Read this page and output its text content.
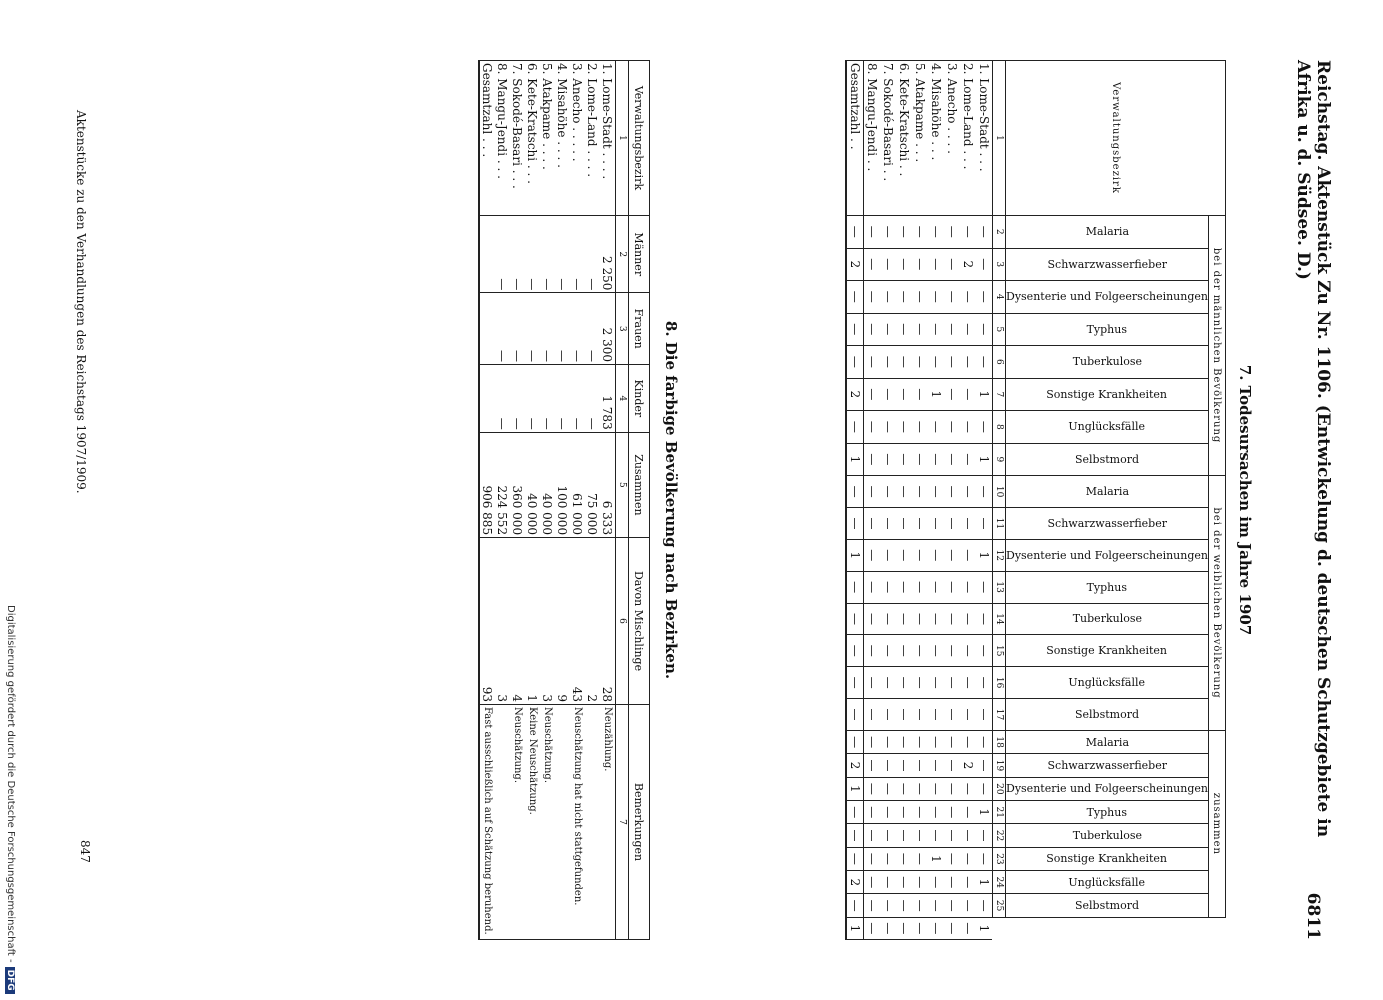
Reichstag. Aktenstück Zu Nr. 1106. (Entwickelung d. deutschen Schutzgebiete in Afrika u. d. Südsee. D.)
6811
7. Todesursachen im Jahre 1907
Verwaltungsbezirk	bei der männlichen Bevölkerung								bei der weiblichen Bevölkerung								zusammen								

	Malaria	Schwarzwasserfieber	Dysenterie und Folgeerscheinungen	Typhus	Tuberkulose	Sonstige Krankheiten	Unglücksfälle	Selbstmord	Malaria	Schwarzwasserfieber	Dysenterie und Folgeerscheinungen	Typhus	Tuberkulose	Sonstige Krankheiten	Unglücksfälle	Selbstmord	Malaria	Schwarzwasserfieber	Dysenterie und Folgeerscheinungen	Typhus	Tuberkulose	Sonstige Krankheiten	Unglücksfälle	Selbstmord	

1	2	3	4	5	6	7	8	9	10	11	12	13	14	15	16	17	18	19	20	21	22	23	24	25	
1. Lome-Stadt . . .	—	—	—	—	—	1	—	1	—	—	1	—	—	—	—	—	—	—	—	1	—	—	1	—	1
2. Lome-Land . . .	—	2	—	—	—	—	—	—	—	—	—	—	—	—	—	—	—	2	—	—	—	—	—	—	—
3. Anecho . . . .	—	—	—	—	—	—	—	—	—	—	—	—	—	—	—	—	—	—	—	—	—	—	—	—	—
4. Misahöhe . . .	—	—	—	—	—	1	—	—	—	—	—	—	—	—	—	—	—	—	—	—	—	1	—	—	—
5. Atakpame . . .	—	—	—	—	—	—	—	—	—	—	—	—	—	—	—	—	—	—	—	—	—	—	—	—	—
6. Kete-Kratschi . .	—	—	—	—	—	—	—	—	—	—	—	—	—	—	—	—	—	—	—	—	—	—	—	—	—
7. Sokodé-Basari . .	—	—	—	—	—	—	—	—	—	—	—	—	—	—	—	—	—	—	—	—	—	—	—	—	—
8. Mangu-Jendi . .	—	—	—	—	—	—	—	—	—	—	—	—	—	—	—	—	—	—	—	—	—	—	—	—	—
Gesamtzahl . .	—	2	—	—	—	2	—	1	—	—	1	—	—	—	—	—	—	2	1	—	—	—	2	—	1
8. Die farbige Bevölkerung nach Bezirken.
Verwaltungsbezirk	Männer	Frauen	Kinder	Zusammen	Davon Mischlinge	Bemerkungen
1	2	3	4	5	6	7
1. Lome-Stadt . . . .	2 250	2 300	1 783	6 333	28	Neuzählung.
2. Lome-Land . . . .	—	—	—	75 000	2	
3. Anecho . . . . .	—	—	—	61 000	43	Neuschätzung hat nicht stattgefunden.
4. Misahöhe . . . .	—	—	—	100 000	9	
5. Atakpame . . . .	—	—	—	40 000	3	Neuschätzung.
6. Kete-Kratschi . . .	—	—	—	40 000	1	Keine Neuschätzung.
7. Sokodé-Basari . . .	—	—	—	360 000	4	Neuschätzung.
8. Mangu-Jendi . . .	—	—	—	224 552	3	
Gesamtzahl . . .				906 885	93	Fast ausschließlich auf Schätzung beruhend.
Aktenstücke zu den Verhandlungen des Reichstags 1907/1909.
847
Digitalisierung gefördert durch die Deutsche Forschungsgemeinschaft -DFG
